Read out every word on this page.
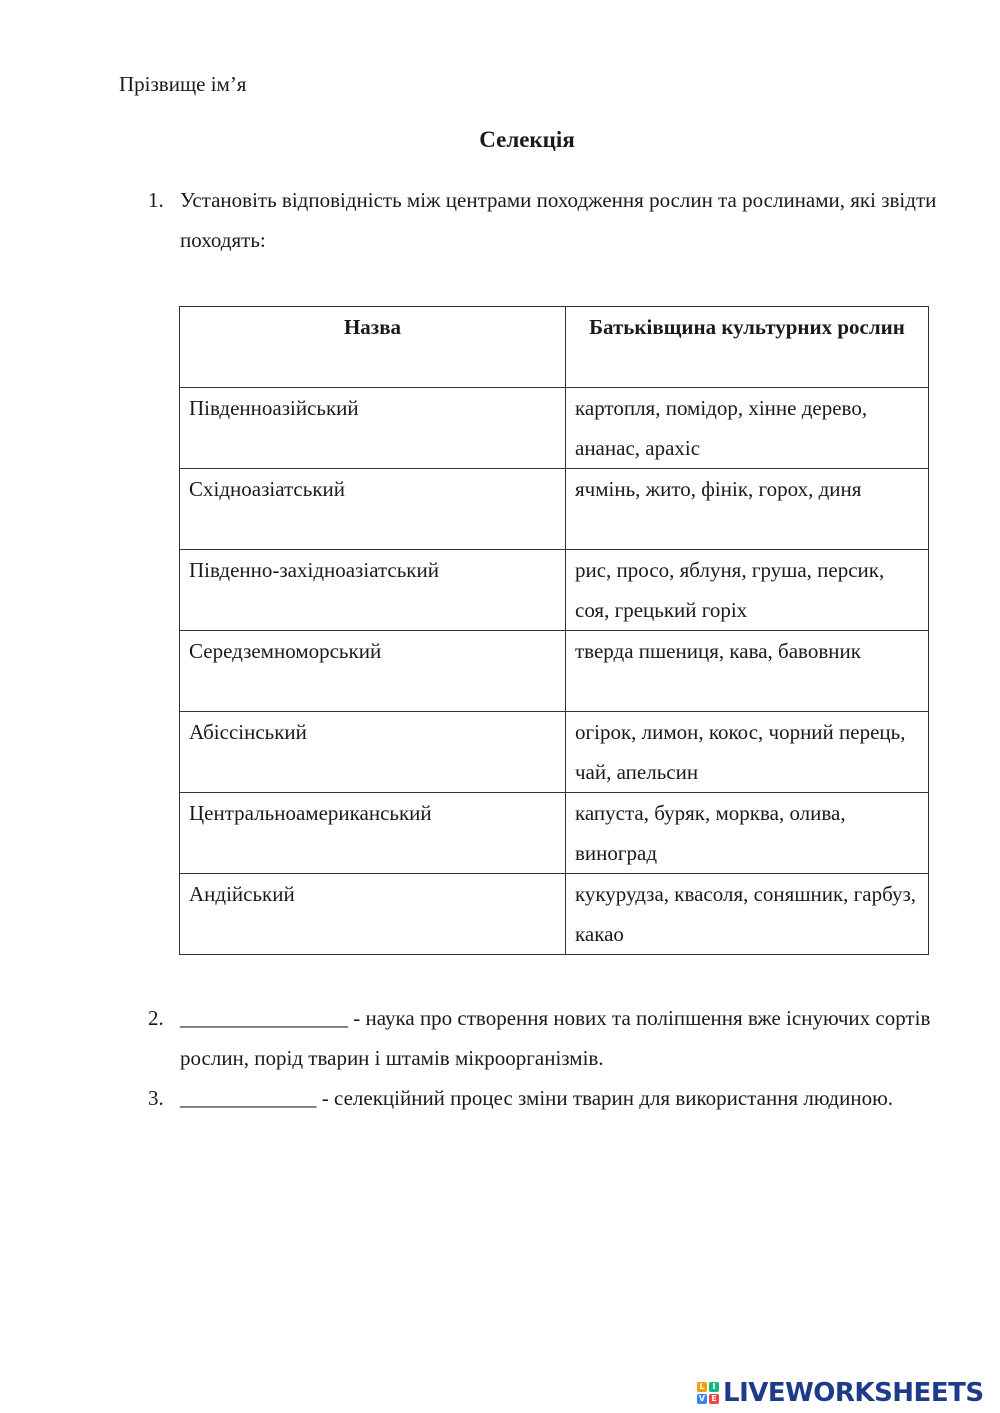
Прізвище ім’я
Селекція
1. Установіть відповідність між центрами походження рослин та рослинами, які звідти походять:
Назва	Батьківщина культурних рослин
Південноазійський	картопля, помідор, хінне дерево, ананас, арахіс
Східноазіатський	ячмінь, жито, фінік, горох, диня
Південно-західноазіатський	рис, просо, яблуня, груша, персик, соя, грецький горіх
Середземноморський	тверда пшениця, кава, бавовник
Абіссінський	огірок, лимон, кокос, чорний перець, чай, апельсин
Центральноамериканський	капуста, буряк, морква, олива, виноград
Андійський	кукурудза, квасоля, соняшник, гарбуз, какао
2. ________________ - наука про створення нових та поліпшення вже існуючих сортів рослин, порід тварин і штамів мікроорганізмів.
3. _____________ - селекційний процес зміни тварин для використання людиною.
L I
V E LIVEWORKSHEETS
